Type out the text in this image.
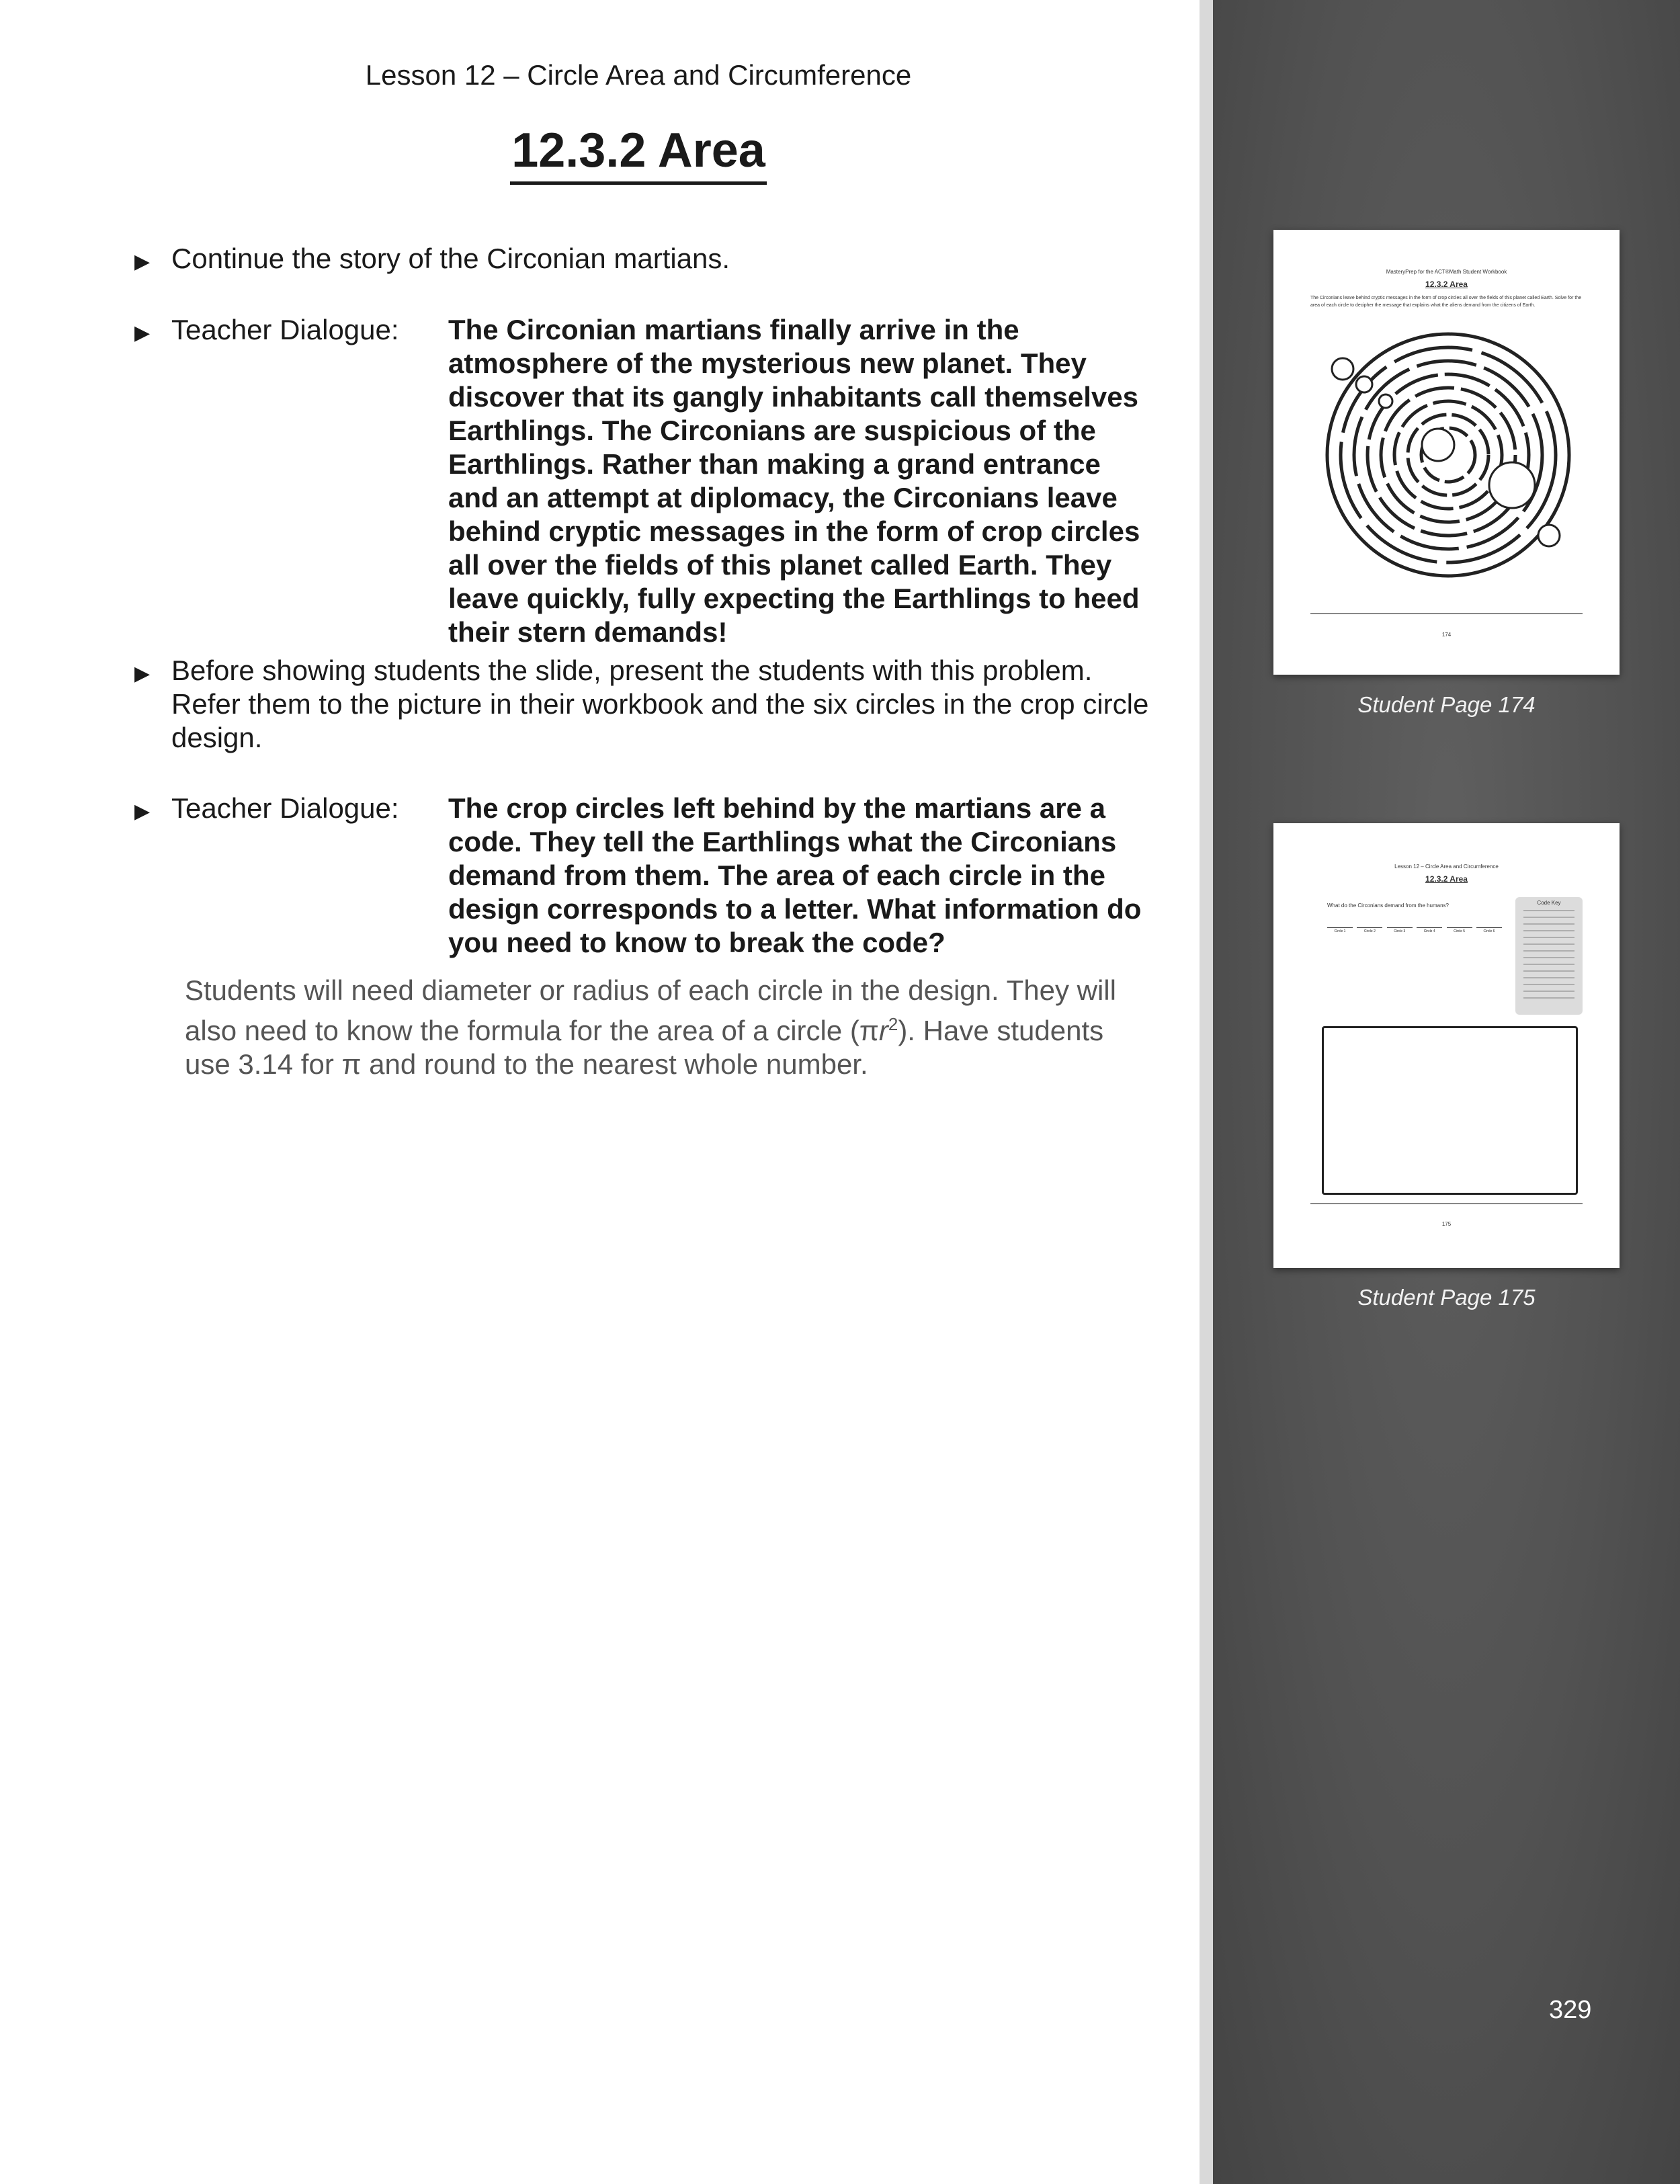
Lesson 12 – Circle Area and Circumference
12.3.2 Area
▶ Continue the story of the Circonian martians.
▶ Teacher Dialogue: The Circonian martians finally arrive in the atmosphere of the mysterious new planet. They discover that its gangly inhabitants call themselves Earthlings. The Circonians are suspicious of the Earthlings. Rather than making a grand entrance and an attempt at diplomacy, the Circonians leave behind cryptic messages in the form of crop circles all over the fields of this planet called Earth. They leave quickly, fully expecting the Earthlings to heed their stern demands!
▶ Before showing students the slide, present the students with this problem. Refer them to the picture in their workbook and the six circles in the crop circle design.
▶ Teacher Dialogue: The crop circles left behind by the martians are a code. They tell the Earthlings what the Circonians demand from them. The area of each circle in the design corresponds to a letter. What information do you need to know to break the code?
Students will need diameter or radius of each circle in the design. They will also need to know the formula for the area of a circle $(\pi r^2)$. Have students use 3.14 for π and round to the nearest whole number.
MasteryPrep for the ACT®Math Student Workbook
12.3.2 Area
The Circonians leave behind cryptic messages in the form of crop circles all over the fields of this planet called Earth. Solve for the area of each circle to decipher the message that explains what the aliens demand from the citizens of Earth.
174
Student Page 174
Lesson 12 – Circle Area and Circumference
12.3.2 Area
What do the Circonians demand from the humans?
Circle 1	Circle 2	Circle 3	Circle 4	Circle 5	Circle 6
Code Key
175
Student Page 175
329
